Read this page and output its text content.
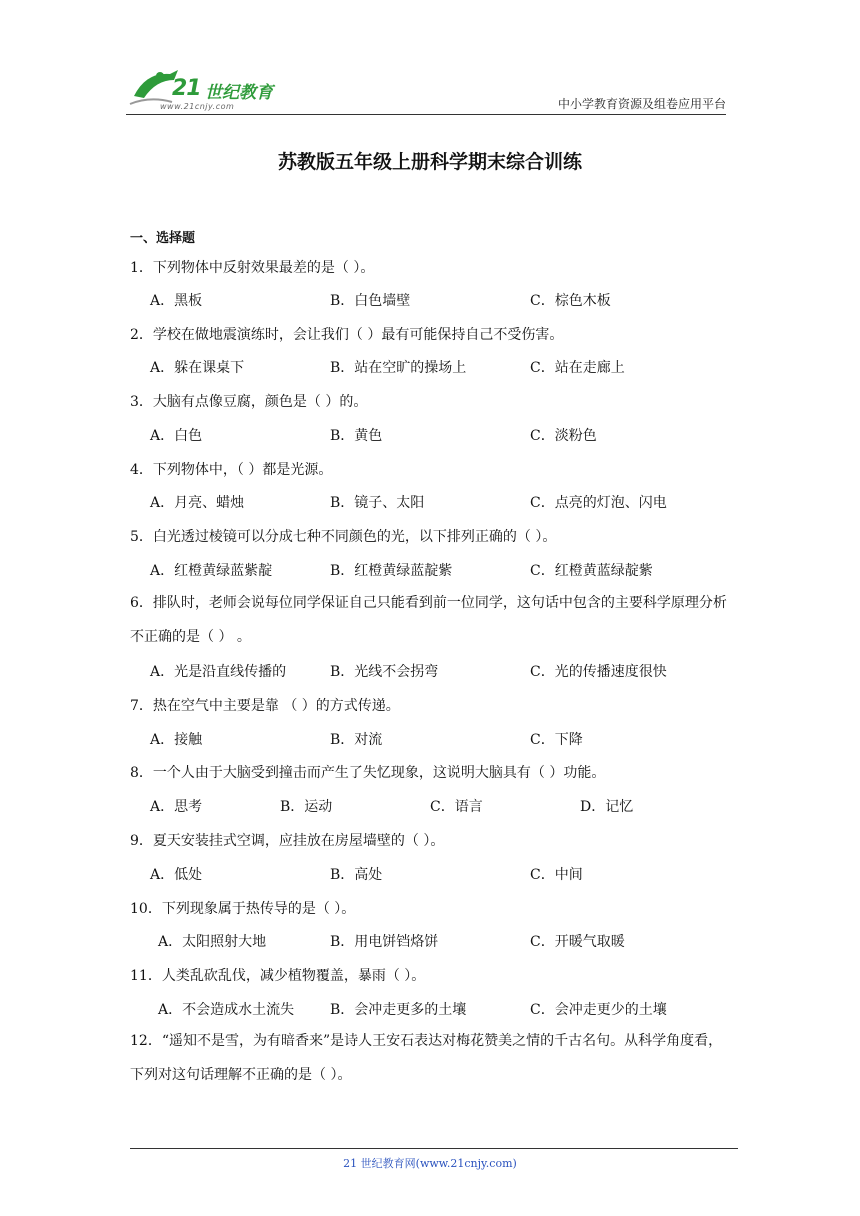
21 世纪教育
www.21cnjy.com	中小学教育资源及组卷应用平台
苏教版五年级上册科学期末综合训练
一、选择题
1．下列物体中反射效果最差的是（ ）。
A．黑板	B．白色墙壁	C．棕色木板
2．学校在做地震演练时，会让我们（ ）最有可能保持自己不受伤害。
A．躲在课桌下	B．站在空旷的操场上	C．站在走廊上
3．大脑有点像豆腐，颜色是（ ）的。
A．白色	B．黄色	C．淡粉色
4．下列物体中，（ ）都是光源。
A．月亮、蜡烛	B．镜子、太阳	C．点亮的灯泡、闪电
5．白光透过棱镜可以分成七种不同颜色的光，以下排列正确的（ ）。
A．红橙黄绿蓝紫靛	B．红橙黄绿蓝靛紫	C．红橙黄蓝绿靛紫
6．排队时，老师会说每位同学保证自己只能看到前一位同学，这句话中包含的主要科学原理分析不正确的是（ ） 。
A．光是沿直线传播的	B．光线不会拐弯	C．光的传播速度很快
7．热在空气中主要是靠 （ ）的方式传递。
A．接触	B．对流	C．下降
8．一个人由于大脑受到撞击而产生了失忆现象，这说明大脑具有（ ）功能。
A．思考	B．运动	C．语言	D．记忆
9．夏天安装挂式空调，应挂放在房屋墙壁的（ ）。
A．低处	B．高处	C．中间
10．下列现象属于热传导的是（ ）。
A．太阳照射大地	B．用电饼铛烙饼	C．开暖气取暖
11．人类乱砍乱伐，减少植物覆盖，暴雨（ ）。
A．不会造成水土流失	B．会冲走更多的土壤	C．会冲走更少的土壤
12．“遥知不是雪，为有暗香来”是诗人王安石表达对梅花赞美之情的千古名句。从科学角度看，下列对这句话理解不正确的是（ ）。
21 世纪教育网(www.21cnjy.com)
